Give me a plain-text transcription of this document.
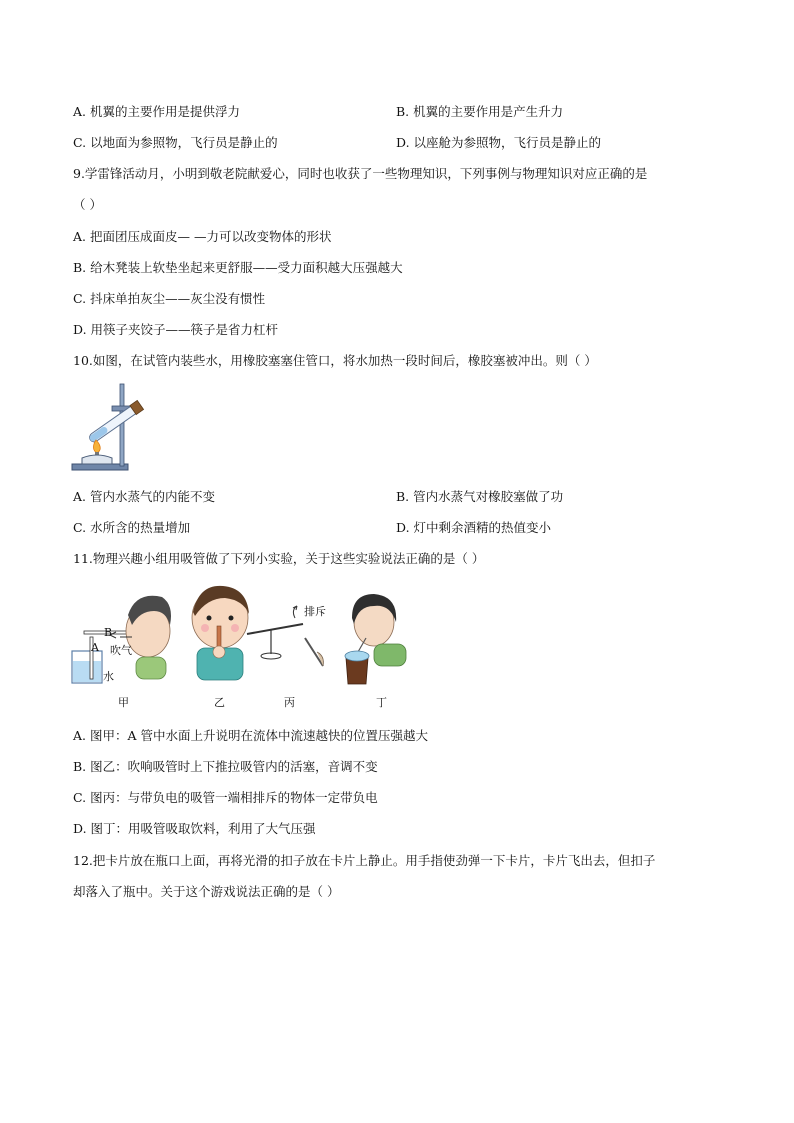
A. 机翼的主要作用是提供浮力	B. 机翼的主要作用是产生升力
C. 以地面为参照物，飞行员是静止的	D. 以座舱为参照物，飞行员是静止的
9.学雷锋活动月，小明到敬老院献爱心，同时也收获了一些物理知识，下列事例与物理知识对应正确的是
（ ）
A. 把面团压成面皮— —力可以改变物体的形状
B. 给木凳装上软垫坐起来更舒服——受力面积越大压强越大
C. 抖床单拍灰尘——灰尘没有惯性
D. 用筷子夹饺子——筷子是省力杠杆
10.如图，在试管内装些水，用橡胶塞塞住管口，将水加热一段时间后，橡胶塞被冲出。则（ ）
A. 管内水蒸气的内能不变	B. 管内水蒸气对橡胶塞做了功
C. 水所含的热量增加	D. 灯中剩余酒精的热值变小
11.物理兴趣小组用吸管做了下列小实验，关于这些实验说法正确的是（ ）
B
A 吹气
水
排斥
甲	乙	丙	丁
A. 图甲：A 管中水面上升说明在流体中流速越快的位置压强越大
B. 图乙：吹响吸管时上下推拉吸管内的活塞，音调不变
C. 图丙：与带负电的吸管一端相排斥的物体一定带负电
D. 图丁：用吸管吸取饮料，利用了大气压强
12.把卡片放在瓶口上面，再将光滑的扣子放在卡片上静止。用手指使劲弹一下卡片，卡片飞出去，但扣子
却落入了瓶中。关于这个游戏说法正确的是（ ）
